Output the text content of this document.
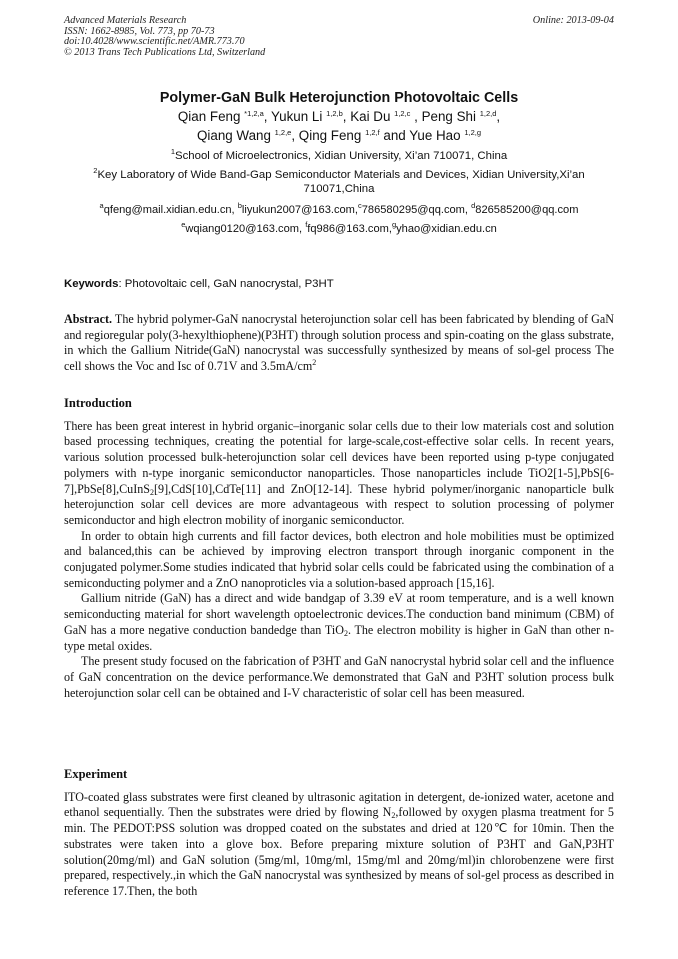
Advanced Materials Research
ISSN: 1662-8985, Vol. 773, pp 70-73
doi:10.4028/www.scientific.net/AMR.773.70
© 2013 Trans Tech Publications Ltd, Switzerland
Online: 2013-09-04
Polymer-GaN Bulk Heterojunction Photovoltaic Cells
Qian Feng $^{*1,2,a}$, Yukun Li $^{1,2,b}$, Kai Du $^{1,2,c}$ , Peng Shi $^{1,2,d}$,
Qiang Wang $^{1,2,e}$, Qing Feng $^{1,2,f}$ and Yue Hao $^{1,2,g}$
$^1$School of Microelectronics, Xidian University, Xi’an 710071, China
$^2$Key Laboratory of Wide Band-Gap Semiconductor Materials and Devices, Xidian University,Xi’an
710071,China
$^a$qfeng@mail.xidian.edu.cn, $^b$liyukun2007@163.com,$^c$786580295@qq.com, $^d$826585200@qq.com
$^e$wqiang0120@163.com, $^f$fq986@163.com,$^g$yhao@xidian.edu.cn
Keywords: Photovoltaic cell, GaN nanocrystal, P3HT

Abstract. The hybrid polymer-GaN nanocrystal heterojunction solar cell has been fabricated by blending of GaN and regioregular poly(3-hexylthiophene)(P3HT) through solution process and spin-coating on the glass substrate, in which the Gallium Nitride(GaN) nanocrystal was successfully synthesized by means of sol-gel process The cell shows the Voc and Isc of 0.71V and $3.5mA/cm^2$

Introduction

There has been great interest in hybrid organic–inorganic solar cells due to their low materials cost and solution based processing techniques, creating the potential for large-scale,cost-effective solar cells. In recent years, various solution processed bulk-heterojunction solar cell devices have been reported using p-type conjugated polymers with n-type inorganic semiconductor nanoparticles. Those nanoparticles include TiO2[1-5],PbS[6-7],PbSe[8],CuInS$_2$[9],CdS[10],CdTe[11] and ZnO[12-14]. These hybrid polymer/inorganic nanoparticle bulk heterojunction solar cell devices are more advantageous with respect to solution processing of polymer semiconductor and high electron mobility of inorganic semiconductor.

In order to obtain high currents and fill factor devices, both electron and hole mobilities must be optimized and balanced,this can be achieved by improving electron transport through inorganic component in the conjugated polymer.Some studies indicated that hybrid solar cells could be fabricated using the combination of a semiconducting polymer and a ZnO nanoproticles via a solution-based approach [15,16].

Gallium nitride (GaN) has a direct and wide bandgap of 3.39 eV at room temperature, and is a well known semiconducting material for short wavelength optoelectronic devices.The conduction band minimum (CBM) of GaN has a more negative conduction bandedge than TiO$_2$. The electron mobility is higher in GaN than other n-type metal oxides.

The present study focused on the fabrication of P3HT and GaN nanocrystal hybrid solar cell and the influence of GaN concentration on the device performance.We demonstrated that GaN and P3HT solution process bulk heterojunction solar cell can be obtained and I-V characteristic of solar cell has been measured.

Experiment

ITO-coated glass substrates were first cleaned by ultrasonic agitation in detergent, de-ionized water, acetone and ethanol sequentially. Then the substrates were dried by flowing $N_2,followed$ by oxygen plasma treatment for 5 min. The PEDOT:PSS solution was dropped coated on the substates and dried at 120℃ for 10min. Then the substrates were taken into a glove box. Before preparing mixture solution of P3HT and GaN,P3HT solution(20mg/ml) and GaN solution (5mg/ml, 10mg/ml, 15mg/ml and 20mg/ml)in chlorobenzene were first prepared, respectively.,in which the GaN nanocrystal was synthesized by means of sol-gel process as described in reference 17.Then, the both
